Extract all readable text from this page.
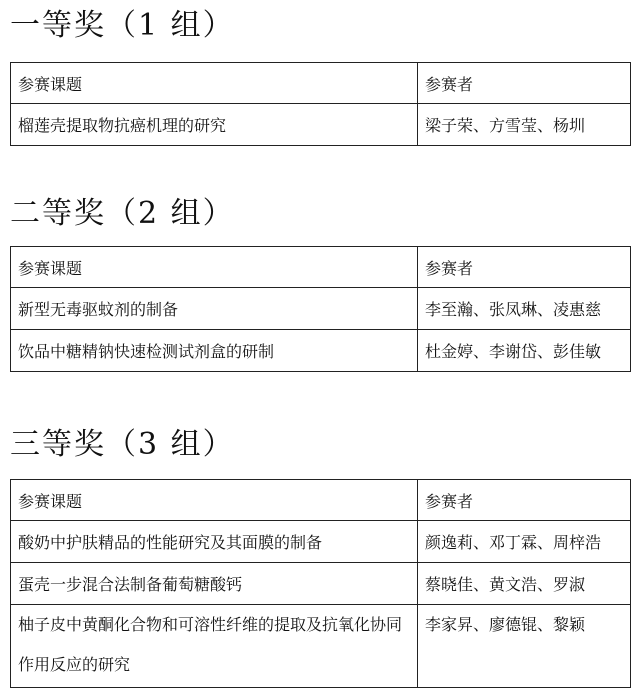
一等奖（1 组）
参赛课题	参赛者
榴莲壳提取物抗癌机理的研究	梁子荣、方雪莹、杨圳
二等奖（2 组）
参赛课题	参赛者
新型无毒驱蚊剂的制备	李至瀚、张凤琳、凌惠慈
饮品中糖精钠快速检测试剂盒的研制	杜金婷、李谢岱、彭佳敏
三等奖（3 组）
参赛课题	参赛者
酸奶中护肤精品的性能研究及其面膜的制备	颜逸莉、邓丁霖、周梓浩
蛋壳一步混合法制备葡萄糖酸钙	蔡晓佳、黄文浩、罗淑
柚子皮中黄酮化合物和可溶性纤维的提取及抗氧化协同作用反应的研究	李家昇、廖德锟、黎颖
